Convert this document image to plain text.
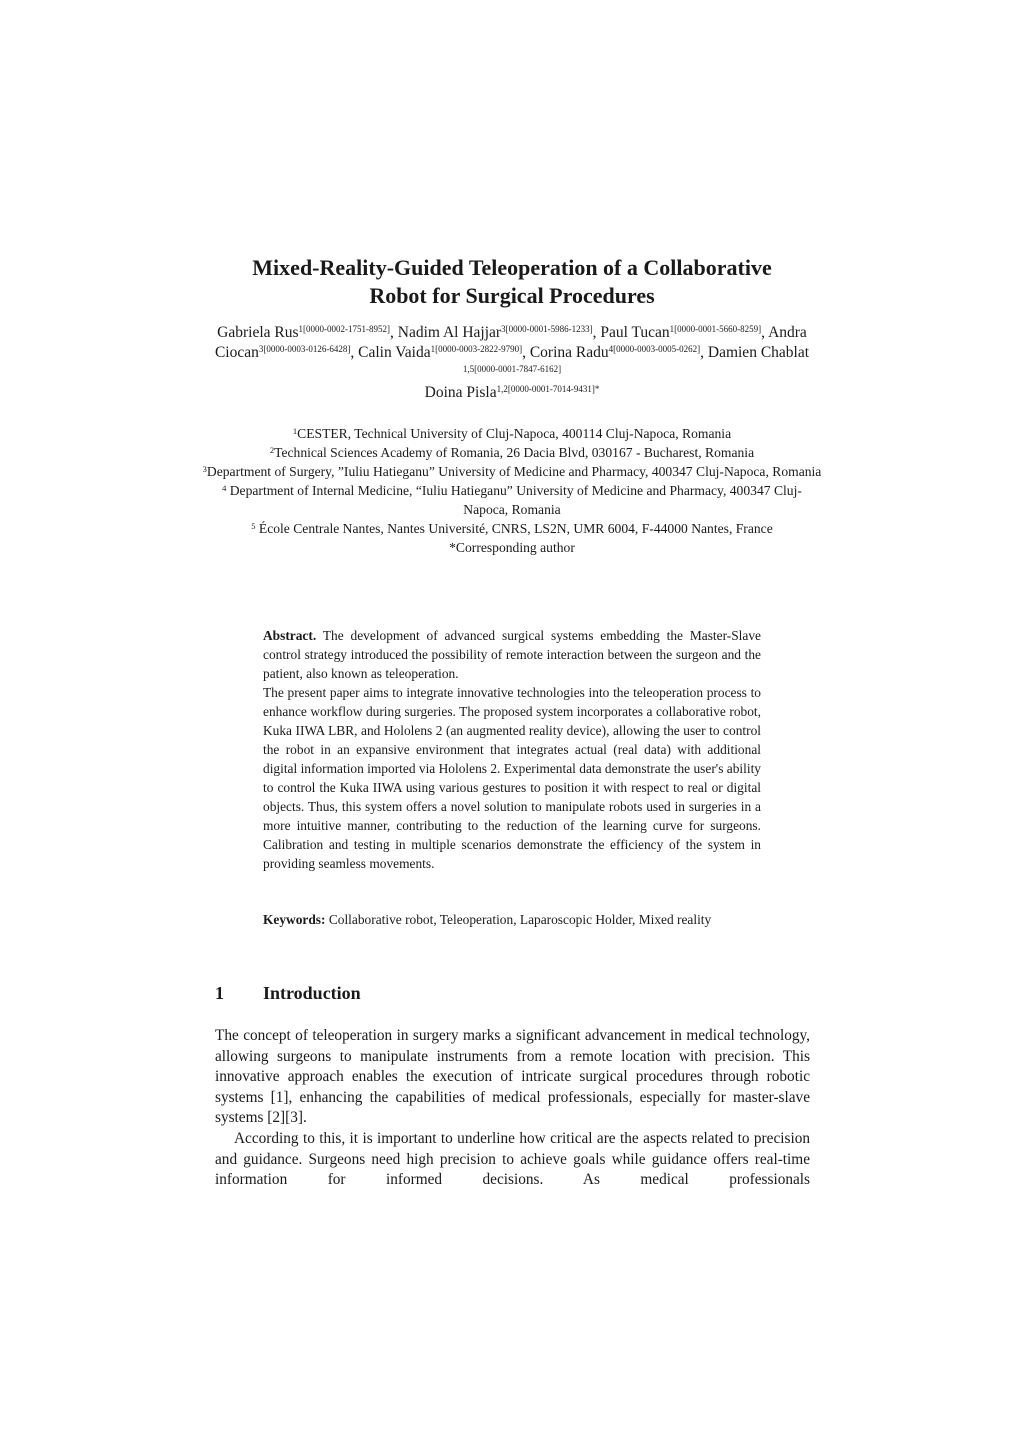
Mixed-Reality-Guided Teleoperation of a Collaborative
Robot for Surgical Procedures
Gabriela Rus$^{1[0000-0002-1751-8952]}$, Nadim Al Hajjar$^{3[0000-0001-5986-1233]}$, Paul Tucan$^{1[0000-0001-5660-8259]}$, Andra Ciocan$^{3[0000-0003-0126-6428]}$, Calin Vaida$^{1[0000-0003-2822-9790]}$, Corina Radu$^{4[0000-0003-0005-0262]}$, Damien Chablat $^{1,5[0000-0001-7847-6162]}$
Doina Pisla$^{1,2[0000-0001-7014-9431]*}$
$^1$CESTER, Technical University of Cluj-Napoca, 400114 Cluj-Napoca, Romania
$^2$Technical Sciences Academy of Romania, 26 Dacia Blvd, 030167 - Bucharest, Romania
$^3$Department of Surgery, ”Iuliu Hatieganu” University of Medicine and Pharmacy, 400347 Cluj-Napoca, Romania
$^4$ Department of Internal Medicine, “Iuliu Hatieganu” University of Medicine and Pharmacy, 400347 Cluj-Napoca, Romania
$^5$ École Centrale Nantes, Nantes Université, CNRS, LS2N, UMR 6004, F-44000 Nantes, France
*Corresponding author

Abstract. The development of advanced surgical systems embedding the Master-Slave control strategy introduced the possibility of remote interaction between the surgeon and the patient, also known as teleoperation.

The present paper aims to integrate innovative technologies into the teleoperation process to enhance workflow during surgeries. The proposed system incorporates a collaborative robot, Kuka IIWA LBR, and Hololens 2 (an augmented reality device), allowing the user to control the robot in an expansive environment that integrates actual (real data) with additional digital information imported via Hololens 2. Experimental data demonstrate the user's ability to control the Kuka IIWA using various gestures to position it with respect to real or digital objects. Thus, this system offers a novel solution to manipulate robots used in surgeries in a more intuitive manner, contributing to the reduction of the learning curve for surgeons. Calibration and testing in multiple scenarios demonstrate the efficiency of the system in providing seamless movements.

Keywords: Collaborative robot, Teleoperation, Laparoscopic Holder, Mixed reality
1 Introduction

The concept of teleoperation in surgery marks a significant advancement in medical technology, allowing surgeons to manipulate instruments from a remote location with precision. This innovative approach enables the execution of intricate surgical procedures through robotic systems [1], enhancing the capabilities of medical professionals, especially for master-slave systems [2][3].

According to this, it is important to underline how critical are the aspects related to precision and guidance. Surgeons need high precision to achieve goals while guidance offers real-time information for informed decisions. As medical professionals
